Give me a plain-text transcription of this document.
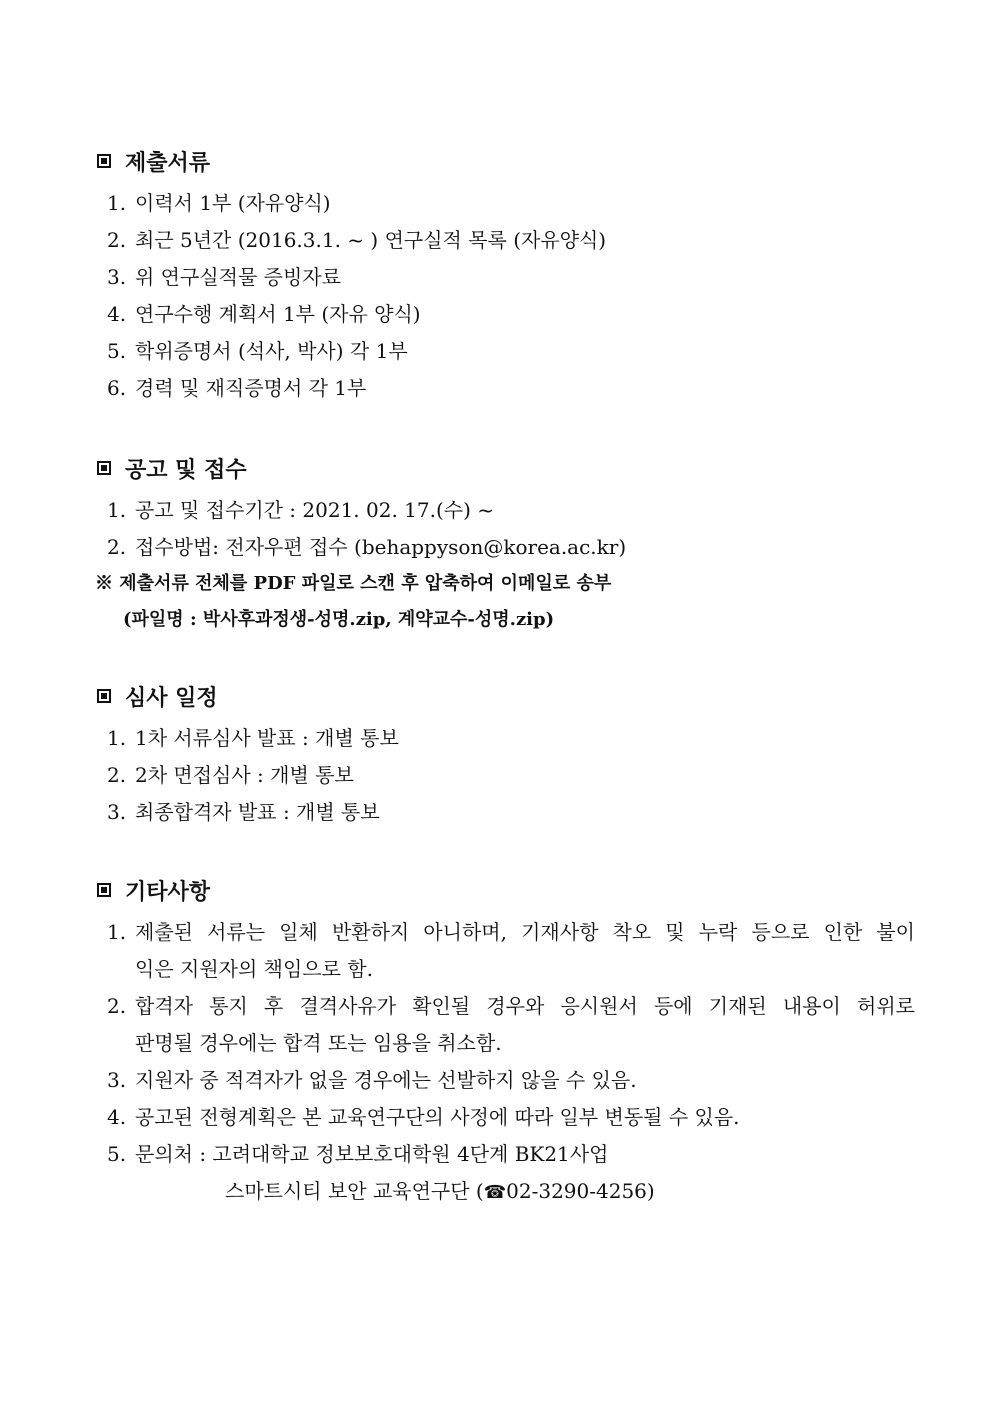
제출서류
1. 이력서 1부 (자유양식)
2. 최근 5년간 (2016.3.1. ~ ) 연구실적 목록 (자유양식)
3. 위 연구실적물 증빙자료
4. 연구수행 계획서 1부 (자유 양식)
5. 학위증명서 (석사, 박사) 각 1부
6. 경력 및 재직증명서 각 1부
공고 및 접수
1. 공고 및 접수기간 : 2021. 02. 17.(수) ~
2. 접수방법: 전자우편 접수 (behappyson@korea.ac.kr)
※ 제출서류 전체를 PDF 파일로 스캔 후 압축하여 이메일로 송부
(파일명 : 박사후과정생-성명.zip, 계약교수-성명.zip)
심사 일정
1. 1차 서류심사 발표 : 개별 통보
2. 2차 면접심사 : 개별 통보
3. 최종합격자 발표 : 개별 통보
기타사항
1. 제출된 서류는 일체 반환하지 아니하며, 기재사항 착오 및 누락 등으로 인한 불이
익은 지원자의 책임으로 함.
2. 합격자 통지 후 결격사유가 확인될 경우와 응시원서 등에 기재된 내용이 허위로
판명될 경우에는 합격 또는 임용을 취소함.
3. 지원자 중 적격자가 없을 경우에는 선발하지 않을 수 있음.
4. 공고된 전형계획은 본 교육연구단의 사정에 따라 일부 변동될 수 있음.
5. 문의처 : 고려대학교 정보보호대학원 4단계 BK21사업
스마트시티 보안 교육연구단 (☎02-3290-4256)
